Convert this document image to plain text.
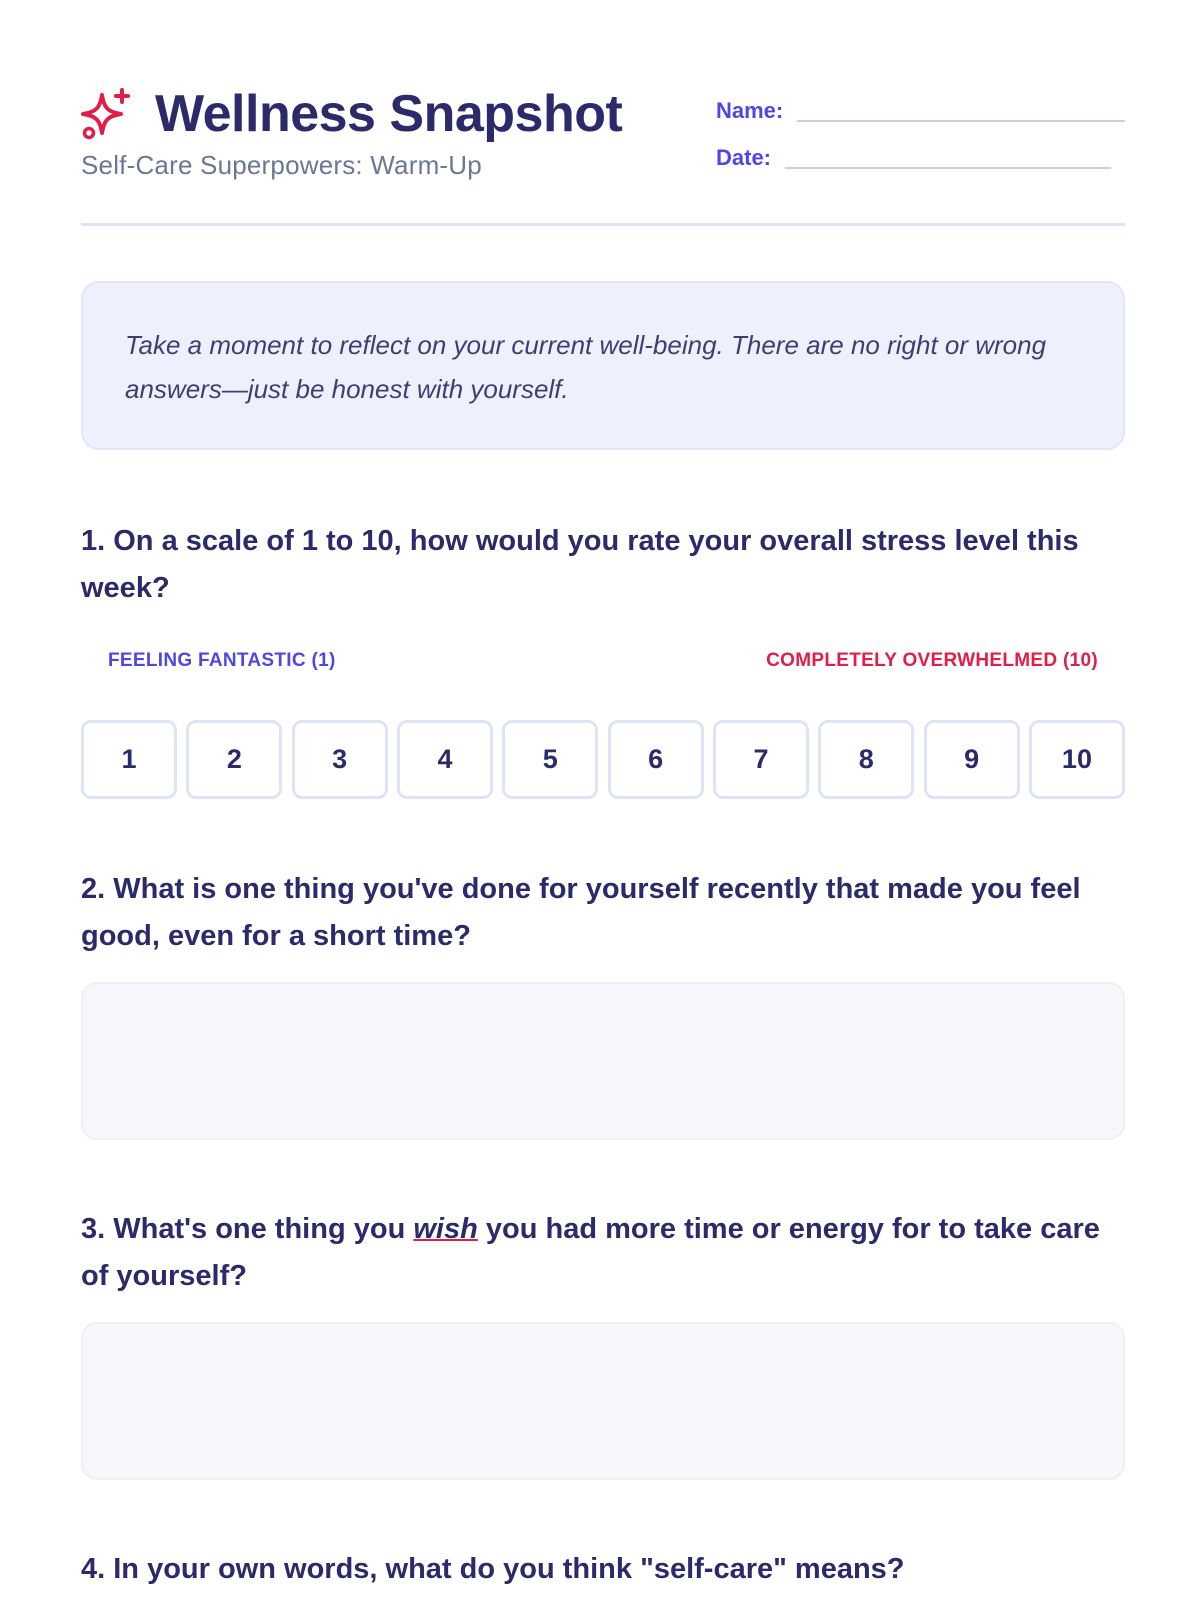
Wellness Snapshot
Self-Care Superpowers: Warm-Up
Name:
Date:

Take a moment to reflect on your current well-being. There are no right or wrong answers—just be honest with yourself.

1. On a scale of 1 to 10, how would you rate your overall stress level this week?
FEELING FANTASTIC (1)	COMPLETELY OVERWHELMED (10)
1	2	3	4	5	6	7	8	9	10
2. What is one thing you've done for yourself recently that made you feel good, even for a short time?
3. What's one thing you wish you had more time or energy for to take care of yourself?
4. In your own words, what do you think "self-care" means?
